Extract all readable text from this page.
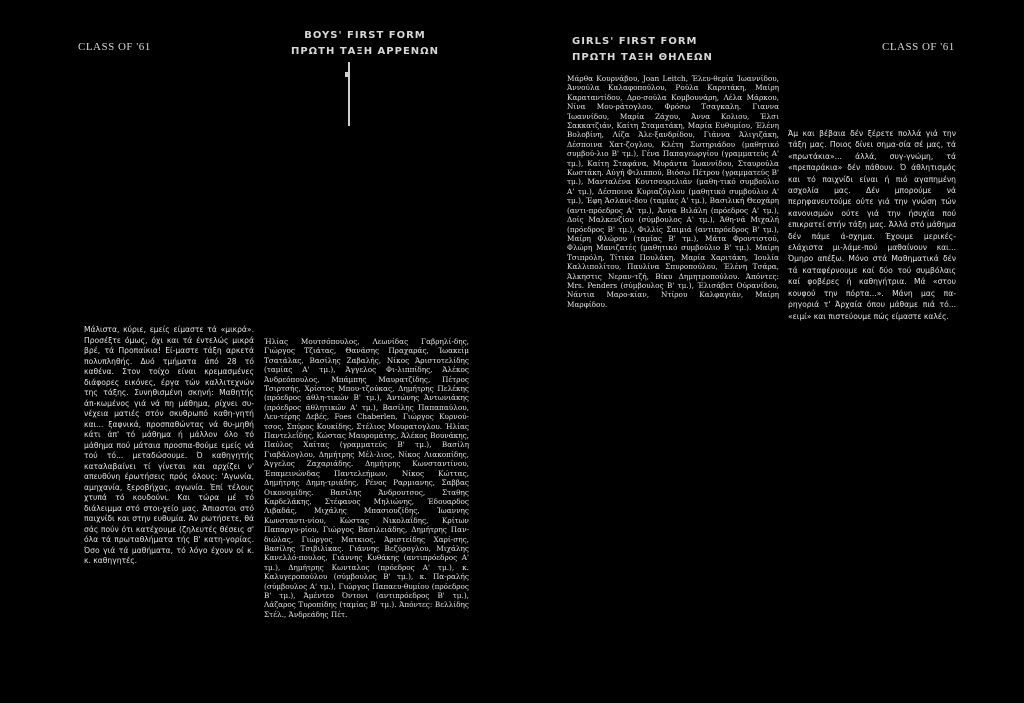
CLASS OF '61	CLASS OF '61
BOYS' FIRST FORM
ΠΡΩΤΗ ΤΑΞΗ ΑΡΡΕΝΩΝ
GIRLS' FIRST FORM
ΠΡΩΤΗ ΤΑΞΗ ΘΗΛΕΩΝ
Μάλιστα, κύριε, εμείς είμαστε τά «μικρά». Προσέξτε όμως, όχι και τά έντελώς μικρά βρέ, τά Προπαίκια! Εί-μαστε τάξη αρκετά πολυπληθής. Δυό τμήματα άπό 28 τό καθένα. Στον τοίχο είναι κρεμασμένες διάφορες εικόνες, έργα τών καλλιτεχνών της τάξης. Συνηθισμένη σκηνή: Μαθητής άπ-κωμένος γιά νά πη μάθημα, ρίχνει συ-νέχεια ματιές στόν σκυθρωπό καθη-γητή και... ξαφνικά, προσπαθώντας νά θυ-μηθή κάτι άπ' τό μάθημα ή μάλλον όλο τό μάθημα πού μάταια προσπα-θούμε εμείς νά τού τό... μεταδώσουμε. Ό καθηγητής καταλαβαίνει τί γίνεται και αρχίζει ν' απευθύνη έρωτήσεις πρός όλους: 'Αγωνία, αμηχανία, ξεροβήχας, αγωνία. Έπί τέλους χτυπά τό κουδούνι. Και τώρα μέ τό διάλειμμα στό στοι-χείο μας. Άπιαστοι στό παιχνίδι και στην ευθυμία. Άν ρωτήσετε, θά σάς πούν ότι κατέχουμε (ζηλευτές θέσεις σ' όλα τά πρωταθλήματα τής Β' κατη-γορίας. Όσο γιά τά μαθήματα, τό λόγο έχουν οί κ. κ. καθηγητές.
Ήλίας Μουτσόπουλος, Λεωνίδας Γαβρηλί-δης, Γιώργος Τζιάτας, Θανάσης Πραχαράς, Ίωακείμ Τσατάλας, Βασίλης Ζαβαλής, Νίκος Άριστοτελίδης (ταμίας Α' τμ.), Άγγελος Φι-λιππίδης, Άλέκος Άνδρεόπουλος, Μπάμπης Μαυρατζίδης, Πέτρος Τσιρτσής, Χρίστος Μπου-τζούκας, Δημήτρης Πελέκης (πρόεδρος άθλη-τικών Β' τμ.), Άντώνης Άντωνιάκης (πρόεδρος άθλητικών Α' τμ.), Βασίλης Παπαπαύλου, Λευ-τέρης Δεβές, Foes Chaberlen, Γιώργος Κυρνού-τσος, Σπύρος Κουκίδης, Στέλιος Μουρατογλου. Ήλίας Παντελεΐδης, Κώστας Μαυρομάτης, Άλέκος Βουνάκης, Παύλος Χαίτας (γραμματεύς Β' τμ.), Βασίλη Γιαβάλογλου, Δημήτρης Μέλ-λιος, Νίκος Λιακοπίδης, Άγγελος Ζαχαριάδης. Δημήτρης Κωνσταντίνου, Έπαμεινώνδας Παντελεήμων, Νίκος Κώττας, Δημήτρης Δημη-τριάδης, Ρένος Ραρμιανης, Σαββας Οικονομίδης. Βασίλης Άνδρουτσος, Σταθης Καρδελάκης, Στέφανος Μηλιώνης, Έδουαρδος Λιβαδάς, Μιχάλης Μπασιουζίδης, Ίωαννης Κωνσταντι-νίου, Κώστας Νικολαΐδης, Κρίτων Παπαργυ-ρίου, Γιώργος Βασιλειάδης, Δημήτρης Παν-διώλας, Γιώργος Ματκιος, Άριστείδης Χαρί-σης, Βασίλης Τσιβιλίκας. Γιάννης Βεζύρογλου, Μιχάλης Κανελλό-πουλος, Γιάννης Κυθάκης (αντιπρόεδρος Α' τμ.), Δημήτρης Κωνταλος (πρόεδρος Α' τμ.), κ. Καλυγεροπούλου (σύμβουλος Β' τμ.), κ. Πα-ραλής (σύμβουλος Α' τμ.), Γιώργος Παπαευ-θυμίου (πρόεδρος Β' τμ.), Άμέντεο Όντονι (αντιπρόεδρος Β' τμ.), Λάζαρος Τυροπίδης (ταμίας Β' τμ.). Άπόντες: Βελλίδης Στέλ., Άνδρεάδης Πέτ.
Μάρθα Κουρνάβου, Joan Leitch, Έλευ-θερία Ίωαννίδου, Άννούλα Καλαφοπούλου, Ρούλα Καρυτάκη, Μαίρη Καραταντίδου, Δρο-σούλα Κομβουνάρη, Λέλα Μάρκου, Νίνα Μου-ράτογλου, Φρόσω Τσαγκαλη. Γιαννα Ίωαννίδου, Μαρία Ζάχου, Άννα Κολιου, Έλσι Σακκατζιάν, Καίτη Σταματάκη, Μαρία Ευθυμίου, Έλένη Βολοβίνη, Λίζα Άλε-ξανδρίδου, Γιάννα Άλιγιζάκη, Δέσποινα Χατ-ζογλου, Κλέτη Σωτηριάδου (μαθητικό συμβού-λιο Β' τμ.), Γένα Παπαγεωργίου (γραμματεύς Α' τμ.), Καίτη Σταφάνα, Μυράντα Ίωαννίδου, Σταυρούλα Κωστάκη. Αύγή Φιλιππού, Βιόσω Πέτρου (γραμματεύς Β' τμ.), Μανταλένα Κουτσουρελιάν (μαθη-τικό συμβούλιο Α' τμ.), Δέσποινα Κυριαζόγλου (μαθητικό συμβούλιο Α' τμ.), Έφη Άσλανί-δου (ταμίας Α' τμ.), Βασιλική Θεοχάρη (αντι-πρόεδρος Α' τμ.), Άννα Βιλάλη (πρόεδρος Α' τμ.), Δοίς Μαλκενζίου (σύμβουλος Α' τμ.), Άθη-νά Μιχαλή (πρόεδρος Β' τμ.), Φιλλίς Σαιμιά (αντιπρόεδρος Β' τμ.), Μαίρη Φλώρου (ταμίας Β' τμ.), Μάτα Φροντιστού, Φλώρη Μανιζατές (μαθητικό συμβούλιο Β' τμ.). Μαίρη Τσιπρόλη, Τίτικα Πουλάκη, Μαρία Χαριτάκη, Ίουλία Καλλιπολίτου, Παυλίνα Σπυροπούλου, Έλένη Τσάρα, Άλκηστις Νεραν-τζή, Βίκυ Δημητροπούλου. Άπόντες: Mrs. Penders (σύμβουλος Β' τμ.), Έλισάβετ Ούρανίδου, Νάντια Μαρο-κίαν, Ντίρου Καλφαγιάν, Μαίρη Μαρφίδου.
Άμ και βέβαια δέν ξέρετε πολλά γιά την τάξη μας. Ποιος δίνει σημα-σία σέ μας, τά «πρωτάκια»... άλλά, συγ-γνώμη, τά «πρεπαράκια» δέν πάθουν. Ό άθλητισμός και τό παιχνίδι είναι ή πιό αγαπημένη ασχολία μας. Δέν μπορούμε νά περηφανευτούμε ούτε γιά την γνώση τών κανονισμών ούτε γιά την ήσυχία πού επικρατεί στήν τάξη μας. Άλλά στό μάθημα δέν πάμε ά-σχημα. Έχουμε μερικές-ελάχιστα μι-λάμε-πού μαθαίνουν και... Όμηρο απέξω. Μόνο στά Μαθηματικά δέν τά καταφέρνουμε καί δύο τού συμβόλαις καί φοβέρες ή καθηγήτρια. Μά «στου κουφού την πόρτα...». Μάνη μας πα-ρηγοριά τ' Άρχαία όπου μάθαμε πιά τό... «ειμί» και πιστεύουμε πώς είμαστε καλές.
